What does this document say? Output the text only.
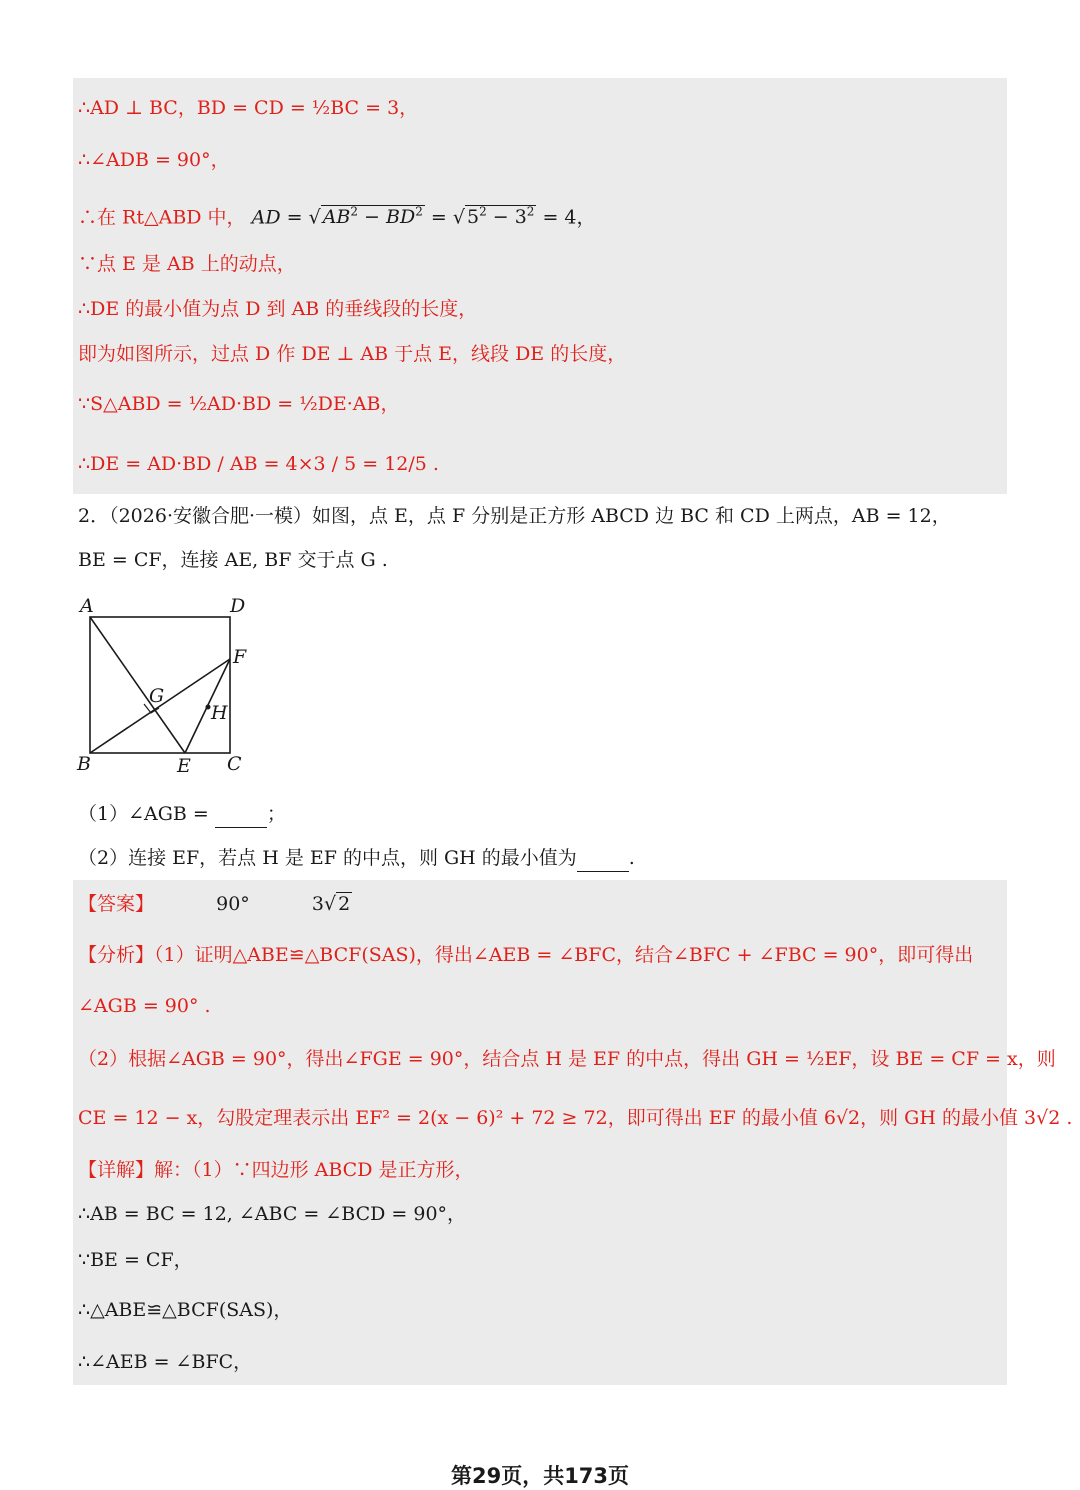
∴AD ⊥ BC，BD = CD = ½BC = 3，
∴∠ADB = 90°，
∴在 Rt△ABD 中， AD = √ $AB^2 - BD^2$ = √ $5^2 - 3^2 = 4$，
∵点 E 是 AB 上的动点，
∴DE 的最小值为点 D 到 AB 的垂线段的长度，
即为如图所示，过点 D 作 DE ⊥ AB 于点 E，线段 DE 的长度，
∵S△ABD = ½AD·BD = ½DE·AB，
∴DE = AD·BD / AB = 4×3 / 5 = 12/5 .
2．（2026·安徽合肥·一模）如图，点 E，点 F 分别是正方形 ABCD 边 BC 和 CD 上两点，AB = 12，
BE = CF，连接 AE, BF 交于点 G .
A	D
F
G
H
B	E C
（1）∠AGB =	；
（2）连接 EF，若点 H 是 EF 的中点，则 GH 的最小值为	.
【答案】	90°	3√ 2
【分析】（1）证明△ABE≌△BCF(SAS)，得出∠AEB = ∠BFC，结合∠BFC + ∠FBC = 90°，即可得出
∠AGB = 90° .
（2）根据∠AGB = 90°，得出∠FGE = 90°，结合点 H 是 EF 的中点，得出 GH = ½EF，设 BE = CF = x，则
CE = 12 − x，勾股定理表示出 EF² = 2(x − 6)² + 72 ≥ 72，即可得出 EF 的最小值 6√2，则 GH 的最小值 3√2 .
【详解】解：（1）∵四边形 ABCD 是正方形，
∴AB = BC = 12, ∠ABC = ∠BCD = 90°，
∵BE = CF，
∴△ABE≌△BCF(SAS)，
∴∠AEB = ∠BFC，
第29页，共173页
